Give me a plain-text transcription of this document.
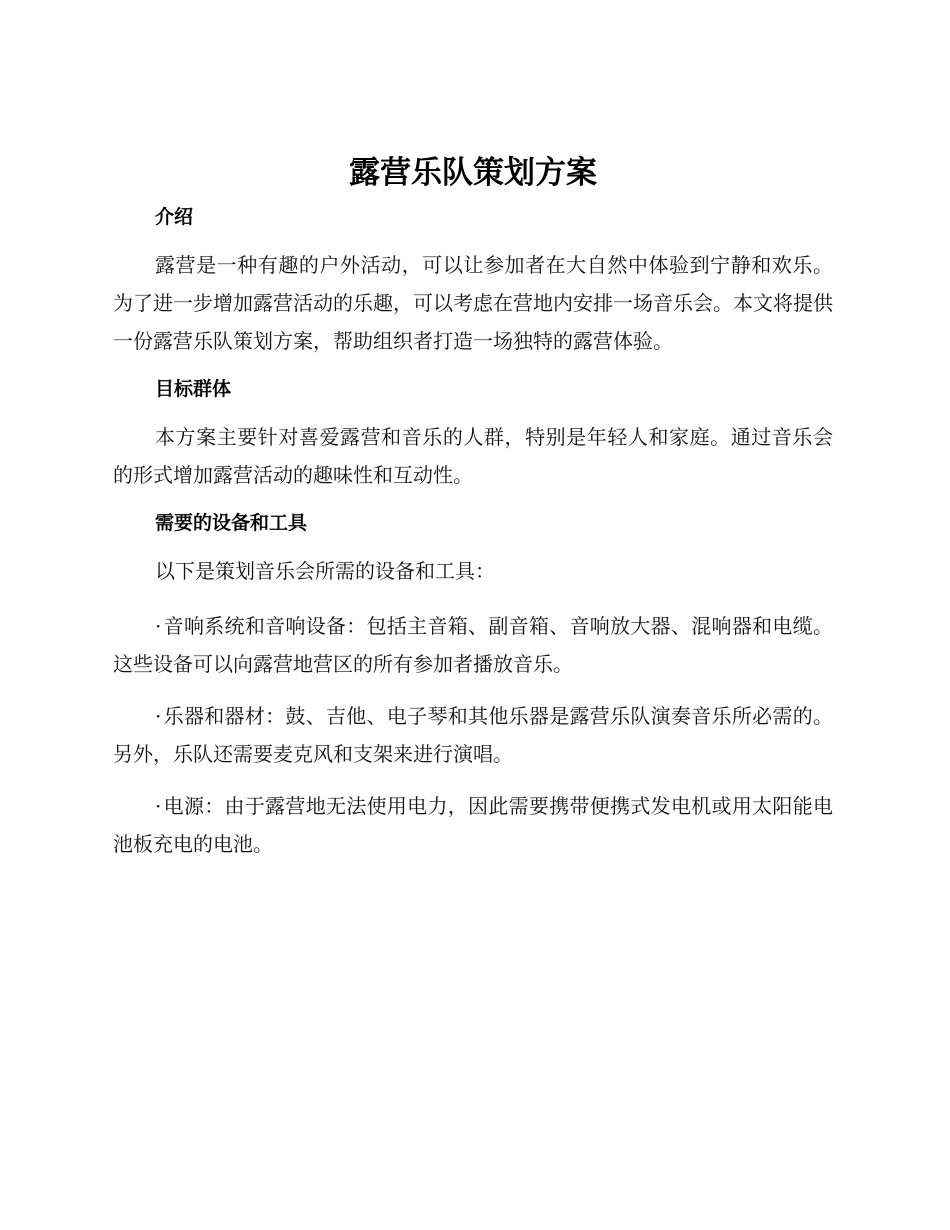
露营乐队策划方案
介绍

露营是一种有趣的户外活动，可以让参加者在大自然中体验到宁静和欢乐。为了进一步增加露营活动的乐趣，可以考虑在营地内安排一场音乐会。本文将提供一份露营乐队策划方案，帮助组织者打造一场独特的露营体验。

目标群体

本方案主要针对喜爱露营和音乐的人群，特别是年轻人和家庭。通过音乐会的形式增加露营活动的趣味性和互动性。

需要的设备和工具

以下是策划音乐会所需的设备和工具：

· 音响系统和音响设备：包括主音箱、副音箱、音响放大器、混响器和电缆。这些设备可以向露营地营区的所有参加者播放音乐。

· 乐器和器材：鼓、吉他、电子琴和其他乐器是露营乐队演奏音乐所必需的。另外，乐队还需要麦克风和支架来进行演唱。

· 电源：由于露营地无法使用电力，因此需要携带便携式发电机或用太阳能电池板充电的电池。
